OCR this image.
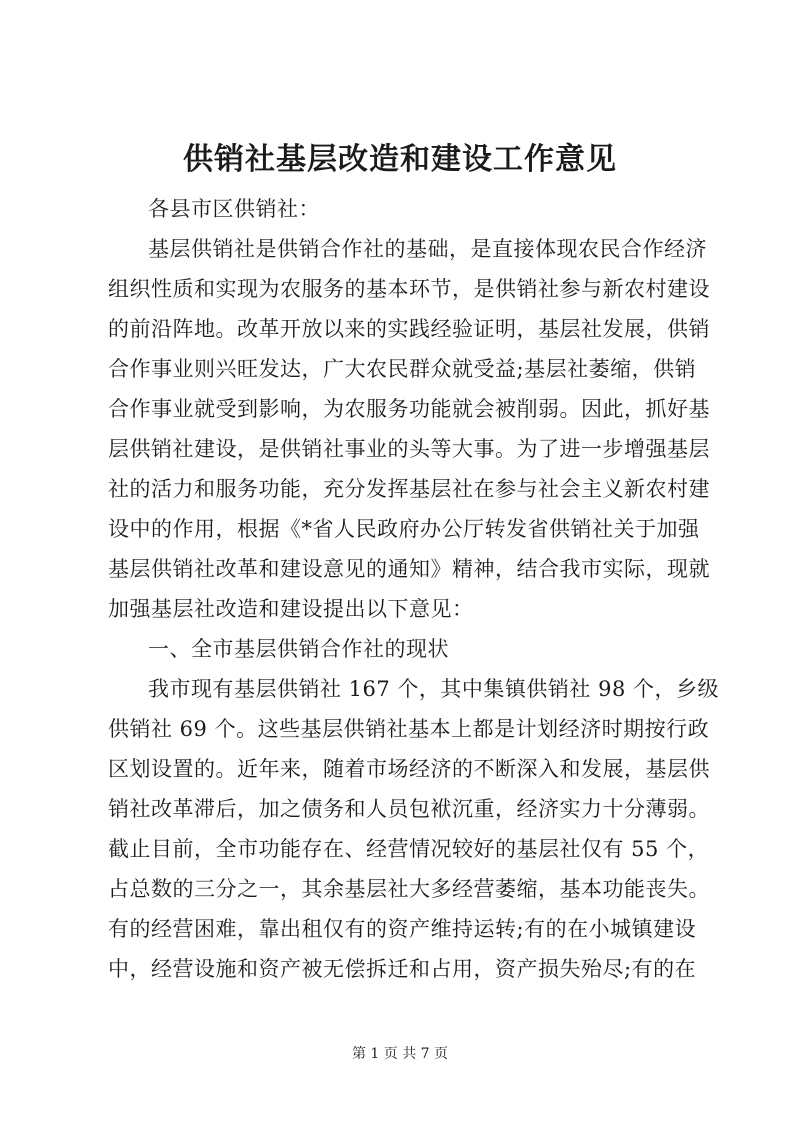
供销社基层改造和建设工作意见
各县市区供销社：
基层供销社是供销合作社的基础，是直接体现农民合作经济
组织性质和实现为农服务的基本环节，是供销社参与新农村建设
的前沿阵地。改革开放以来的实践经验证明，基层社发展，供销
合作事业则兴旺发达，广大农民群众就受益;基层社萎缩，供销
合作事业就受到影响，为农服务功能就会被削弱。因此，抓好基
层供销社建设，是供销社事业的头等大事。为了进一步增强基层
社的活力和服务功能，充分发挥基层社在参与社会主义新农村建
设中的作用，根据《*省人民政府办公厅转发省供销社关于加强
基层供销社改革和建设意见的通知》精神，结合我市实际，现就
加强基层社改造和建设提出以下意见：
一、全市基层供销合作社的现状
我市现有基层供销社 167 个，其中集镇供销社 98 个，乡级
供销社 69 个。这些基层供销社基本上都是计划经济时期按行政
区划设置的。近年来，随着市场经济的不断深入和发展，基层供
销社改革滞后，加之债务和人员包袱沉重，经济实力十分薄弱。
截止目前，全市功能存在、经营情况较好的基层社仅有 55 个，
占总数的三分之一，其余基层社大多经营萎缩，基本功能丧失。
有的经营困难，靠出租仅有的资产维持运转;有的在小城镇建设
中，经营设施和资产被无偿拆迁和占用，资产损失殆尽;有的在
第 1 页 共 7 页
